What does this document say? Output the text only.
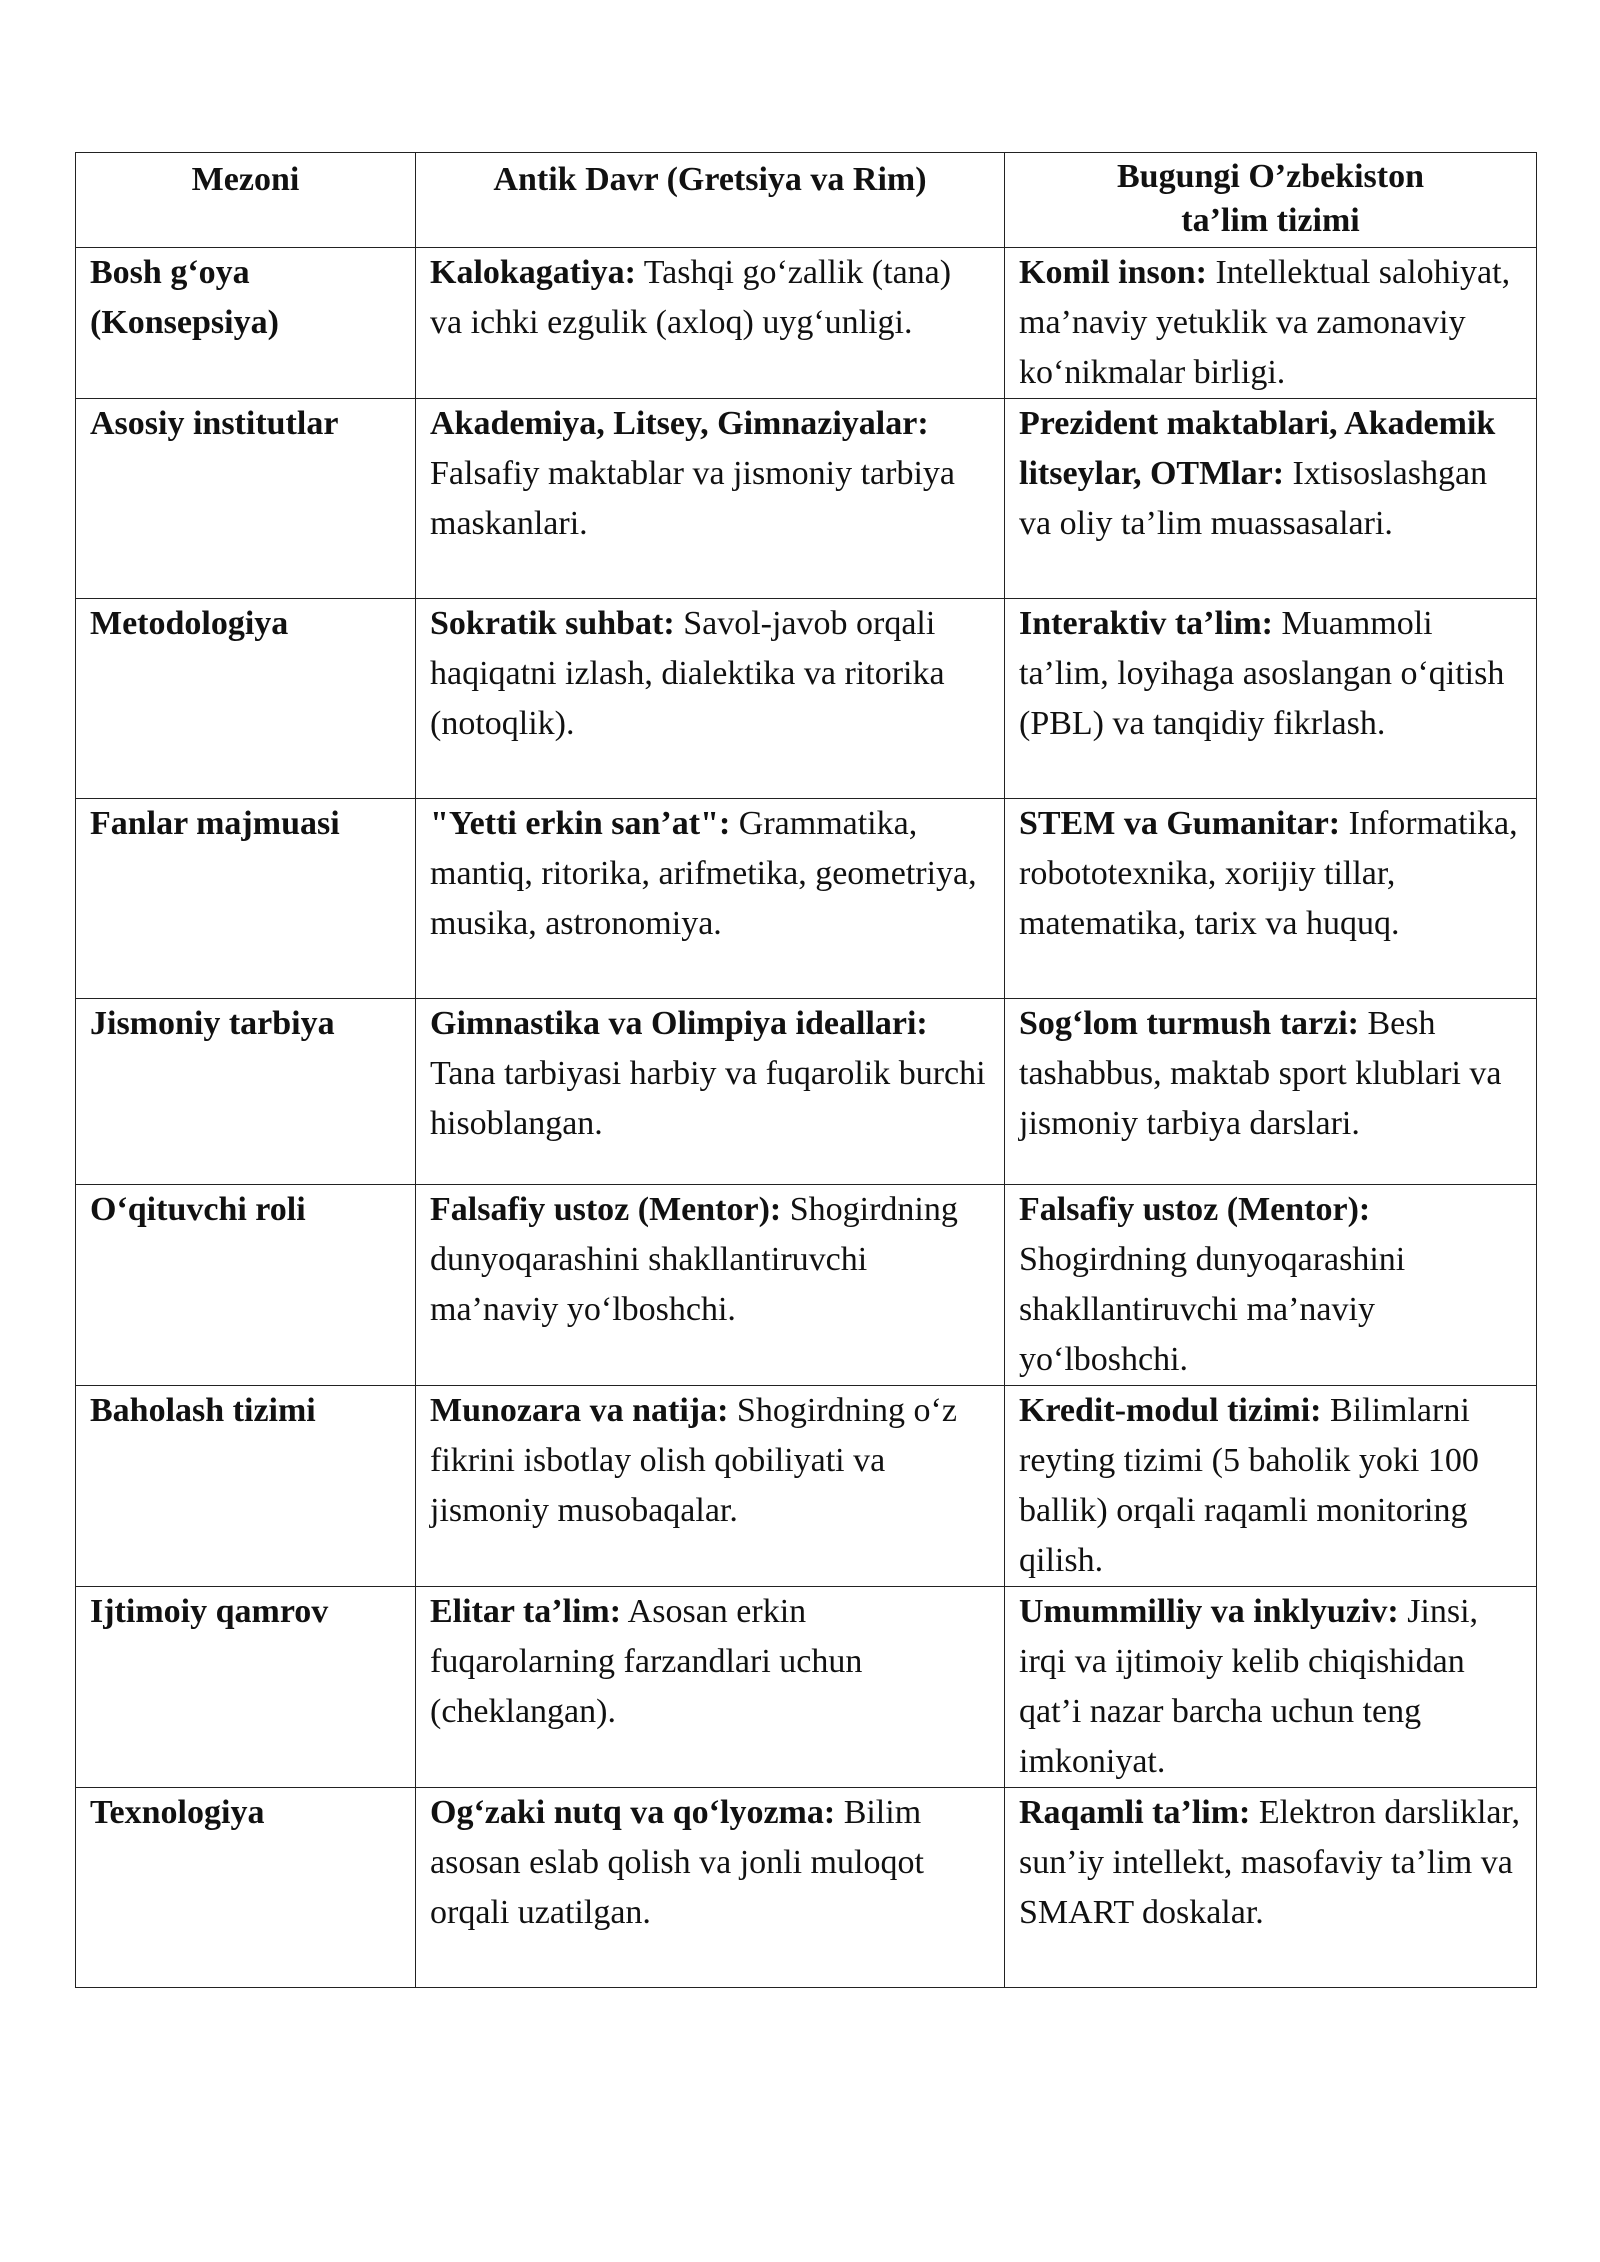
Mezoni	Antik Davr (Gretsiya va Rim)	Bugungi O’zbekiston
ta’lim tizimi

Bosh g‘oya (Konsepsiya)	Kalokagatiya: Tashqi go‘zallik (tana) va ichki ezgulik (axloq) uyg‘unligi.	Komil inson: Intellektual salohiyat, ma’naviy yetuklik va zamonaviy ko‘nikmalar birligi.
Asosiy institutlar	Akademiya, Litsey, Gimnaziyalar: Falsafiy maktablar va jismoniy tarbiya maskanlari.	Prezident maktablari, Akademik litseylar, OTMlar: Ixtisoslashgan va oliy ta’lim muassasalari.
Metodologiya	Sokratik suhbat: Savol-javob orqali haqiqatni izlash, dialektika va ritorika (notoqlik).	Interaktiv ta’lim: Muammoli ta’lim, loyihaga asoslangan o‘qitish (PBL) va tanqidiy fikrlash.
Fanlar majmuasi	"Yetti erkin san’at": Grammatika, mantiq, ritorika, arifmetika, geometriya, musika, astronomiya.	STEM va Gumanitar: Informatika, robototexnika, xorijiy tillar, matematika, tarix va huquq.
Jismoniy tarbiya	Gimnastika va Olimpiya ideallari: Tana tarbiyasi harbiy va fuqarolik burchi hisoblangan.	Sog‘lom turmush tarzi: Besh tashabbus, maktab sport klublari va jismoniy tarbiya darslari.
O‘qituvchi roli	Falsafiy ustoz (Mentor): Shogirdning dunyoqarashini shakllantiruvchi ma’naviy yo‘lboshchi.	Falsafiy ustoz (Mentor): Shogirdning dunyoqarashini shakllantiruvchi ma’naviy yo‘lboshchi.
Baholash tizimi	Munozara va natija: Shogirdning o‘z fikrini isbotlay olish qobiliyati va jismoniy musobaqalar.	Kredit-modul tizimi: Bilimlarni reyting tizimi (5 baholik yoki 100 ballik) orqali raqamli monitoring qilish.
Ijtimoiy qamrov	Elitar ta’lim: Asosan erkin fuqarolarning farzandlari uchun (cheklangan).	Umummilliy va inklyuziv: Jinsi, irqi va ijtimoiy kelib chiqishidan qat’i nazar barcha uchun teng imkoniyat.
Texnologiya	Og‘zaki nutq va qo‘lyozma: Bilim asosan eslab qolish va jonli muloqot orqali uzatilgan.	Raqamli ta’lim: Elektron darsliklar, sun’iy intellekt, masofaviy ta’lim va SMART doskalar.
